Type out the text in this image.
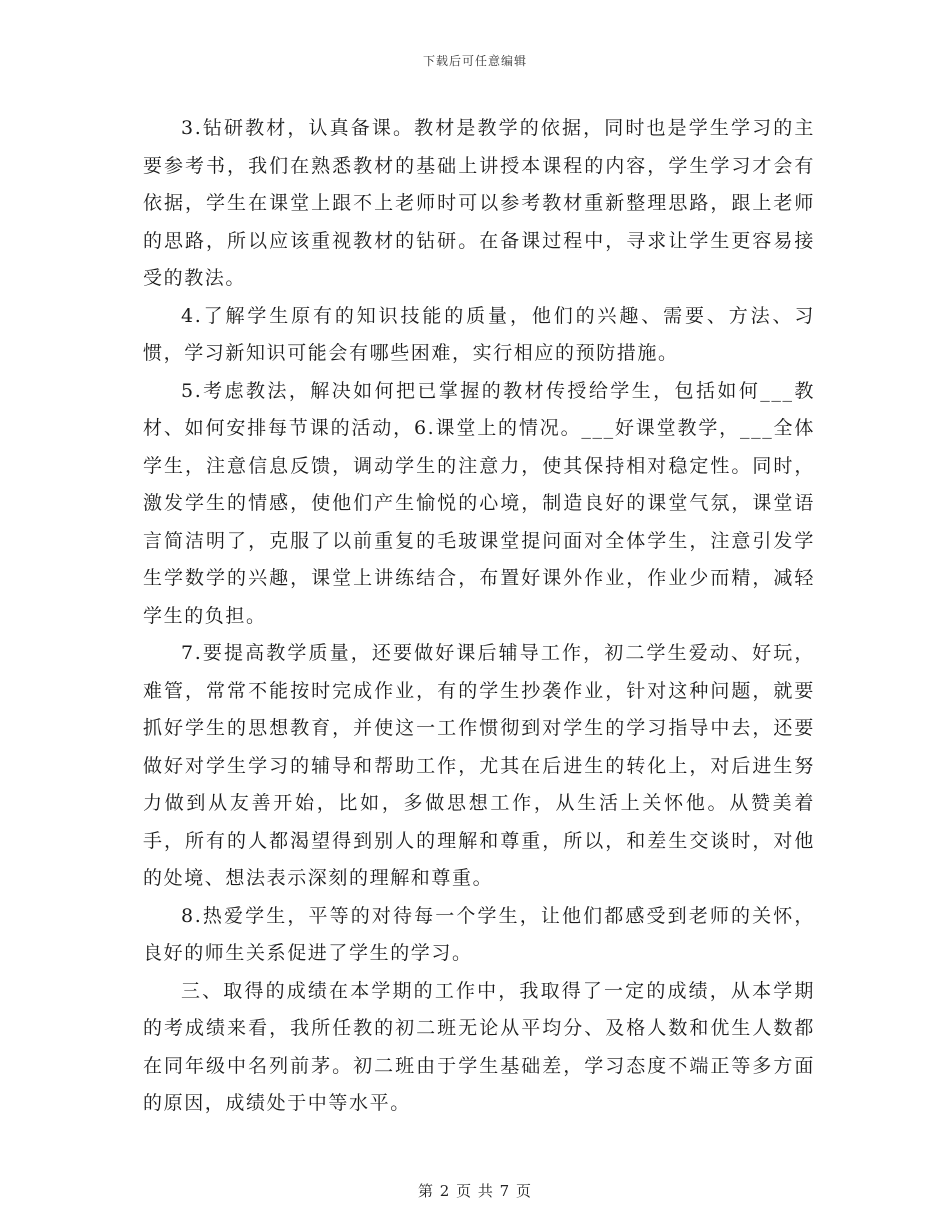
下载后可任意编辑

3.钻研教材，认真备课。教材是教学的依据，同时也是学生学习的主要参考书，我们在熟悉教材的基础上讲授本课程的内容，学生学习才会有依据，学生在课堂上跟不上老师时可以参考教材重新整理思路，跟上老师的思路，所以应该重视教材的钻研。在备课过程中，寻求让学生更容易接受的教法。

4.了解学生原有的知识技能的质量，他们的兴趣、需要、方法、习惯，学习新知识可能会有哪些困难，实行相应的预防措施。

5.考虑教法，解决如何把已掌握的教材传授给学生，包括如何___教材、如何安排每节课的活动，6.课堂上的情况。___好课堂教学，___全体学生，注意信息反馈，调动学生的注意力，使其保持相对稳定性。同时，激发学生的情感，使他们产生愉悦的心境，制造良好的课堂气氛，课堂语言简洁明了，克服了以前重复的毛玻课堂提问面对全体学生，注意引发学生学数学的兴趣，课堂上讲练结合，布置好课外作业，作业少而精，减轻学生的负担。

7.要提高教学质量，还要做好课后辅导工作，初二学生爱动、好玩，难管，常常不能按时完成作业，有的学生抄袭作业，针对这种问题，就要抓好学生的思想教育，并使这一工作惯彻到对学生的学习指导中去，还要做好对学生学习的辅导和帮助工作，尤其在后进生的转化上，对后进生努力做到从友善开始，比如，多做思想工作，从生活上关怀他。从赞美着手，所有的人都渴望得到别人的理解和尊重，所以，和差生交谈时，对他的处境、想法表示深刻的理解和尊重。

8.热爱学生，平等的对待每一个学生，让他们都感受到老师的关怀，良好的师生关系促进了学生的学习。

三、取得的成绩在本学期的工作中，我取得了一定的成绩，从本学期的考成绩来看，我所任教的初二班无论从平均分、及格人数和优生人数都在同年级中名列前茅。初二班由于学生基础差，学习态度不端正等多方面的原因，成绩处于中等水平。

第 2 页 共 7 页
